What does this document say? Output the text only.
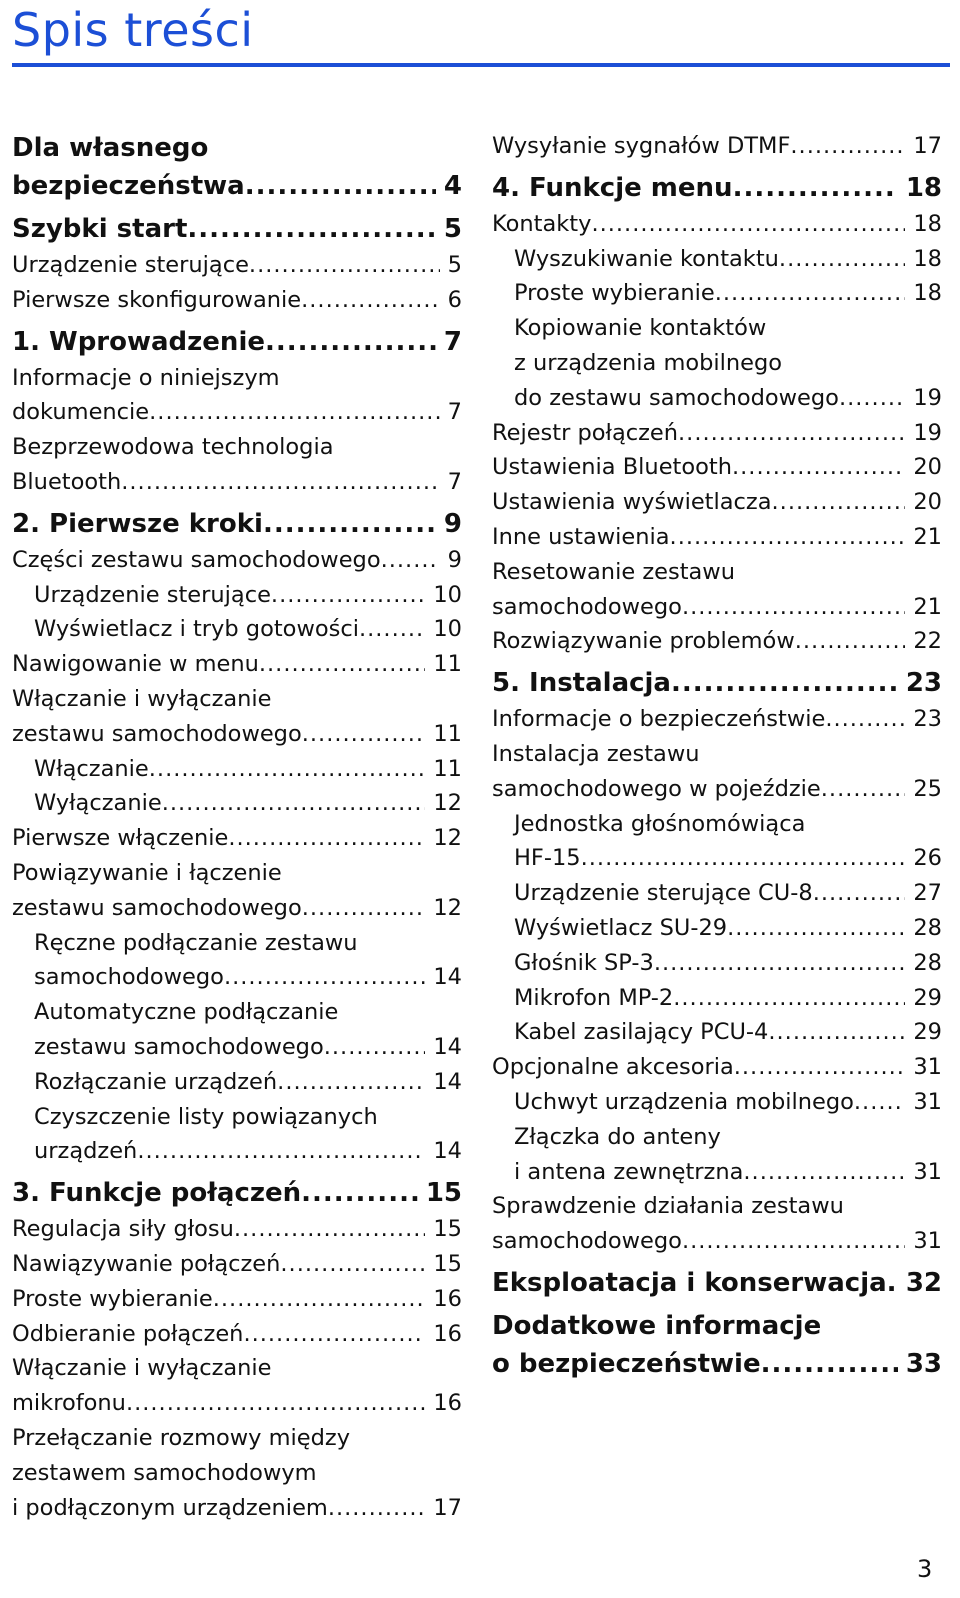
Spis treści
Dla własnego
bezpieczeństwa .....	4
Szybki start .....	5
Urządzenie sterujące .....	5
Pierwsze skonfigurowanie .....	6
1. Wprowadzenie .....	7
Informacje o niniejszym
dokumencie .....	7
Bezprzewodowa technologia
Bluetooth .....	7
2. Pierwsze kroki .....	9
Części zestawu samochodowego .....	9
Urządzenie sterujące .....	10
Wyświetlacz i tryb gotowości .....	10
Nawigowanie w menu .....	11
Włączanie i wyłączanie
zestawu samochodowego .....	11
Włączanie .....	11
Wyłączanie .....	12
Pierwsze włączenie .....	12
Powiązywanie i łączenie
zestawu samochodowego .....	12
Ręczne podłączanie zestawu
samochodowego .....	14
Automatyczne podłączanie
zestawu samochodowego .....	14
Rozłączanie urządzeń .....	14
Czyszczenie listy powiązanych
urządzeń .....	14
3. Funkcje połączeń .....	15
Regulacja siły głosu .....	15
Nawiązywanie połączeń .....	15
Proste wybieranie .....	16
Odbieranie połączeń .....	16
Włączanie i wyłączanie
mikrofonu .....	16
Przełączanie rozmowy między
zestawem samochodowym
i podłączonym urządzeniem .....	17
Wysyłanie sygnałów DTMF .....	17
4. Funkcje menu .....	18
Kontakty .....	18
Wyszukiwanie kontaktu .....	18
Proste wybieranie .....	18
Kopiowanie kontaktów
z urządzenia mobilnego
do zestawu samochodowego .....	19
Rejestr połączeń .....	19
Ustawienia Bluetooth .....	20
Ustawienia wyświetlacza .....	20
Inne ustawienia .....	21
Resetowanie zestawu
samochodowego .....	21
Rozwiązywanie problemów .....	22
5. Instalacja .....	23
Informacje o bezpieczeństwie .....	23
Instalacja zestawu
samochodowego w pojeździe .....	25
Jednostka głośnomówiąca
HF-15 .....	26
Urządzenie sterujące CU-8 .....	27
Wyświetlacz SU-29 .....	28
Głośnik SP-3 .....	28
Mikrofon MP-2 .....	29
Kabel zasilający PCU-4 .....	29
Opcjonalne akcesoria .....	31
Uchwyt urządzenia mobilnego .....	31
Złączka do anteny
i antena zewnętrzna .....	31
Sprawdzenie działania zestawu
samochodowego .....	31
Eksploatacja i konserwacja ..... 32
Dodatkowe informacje
o bezpieczeństwie .....	33
3
